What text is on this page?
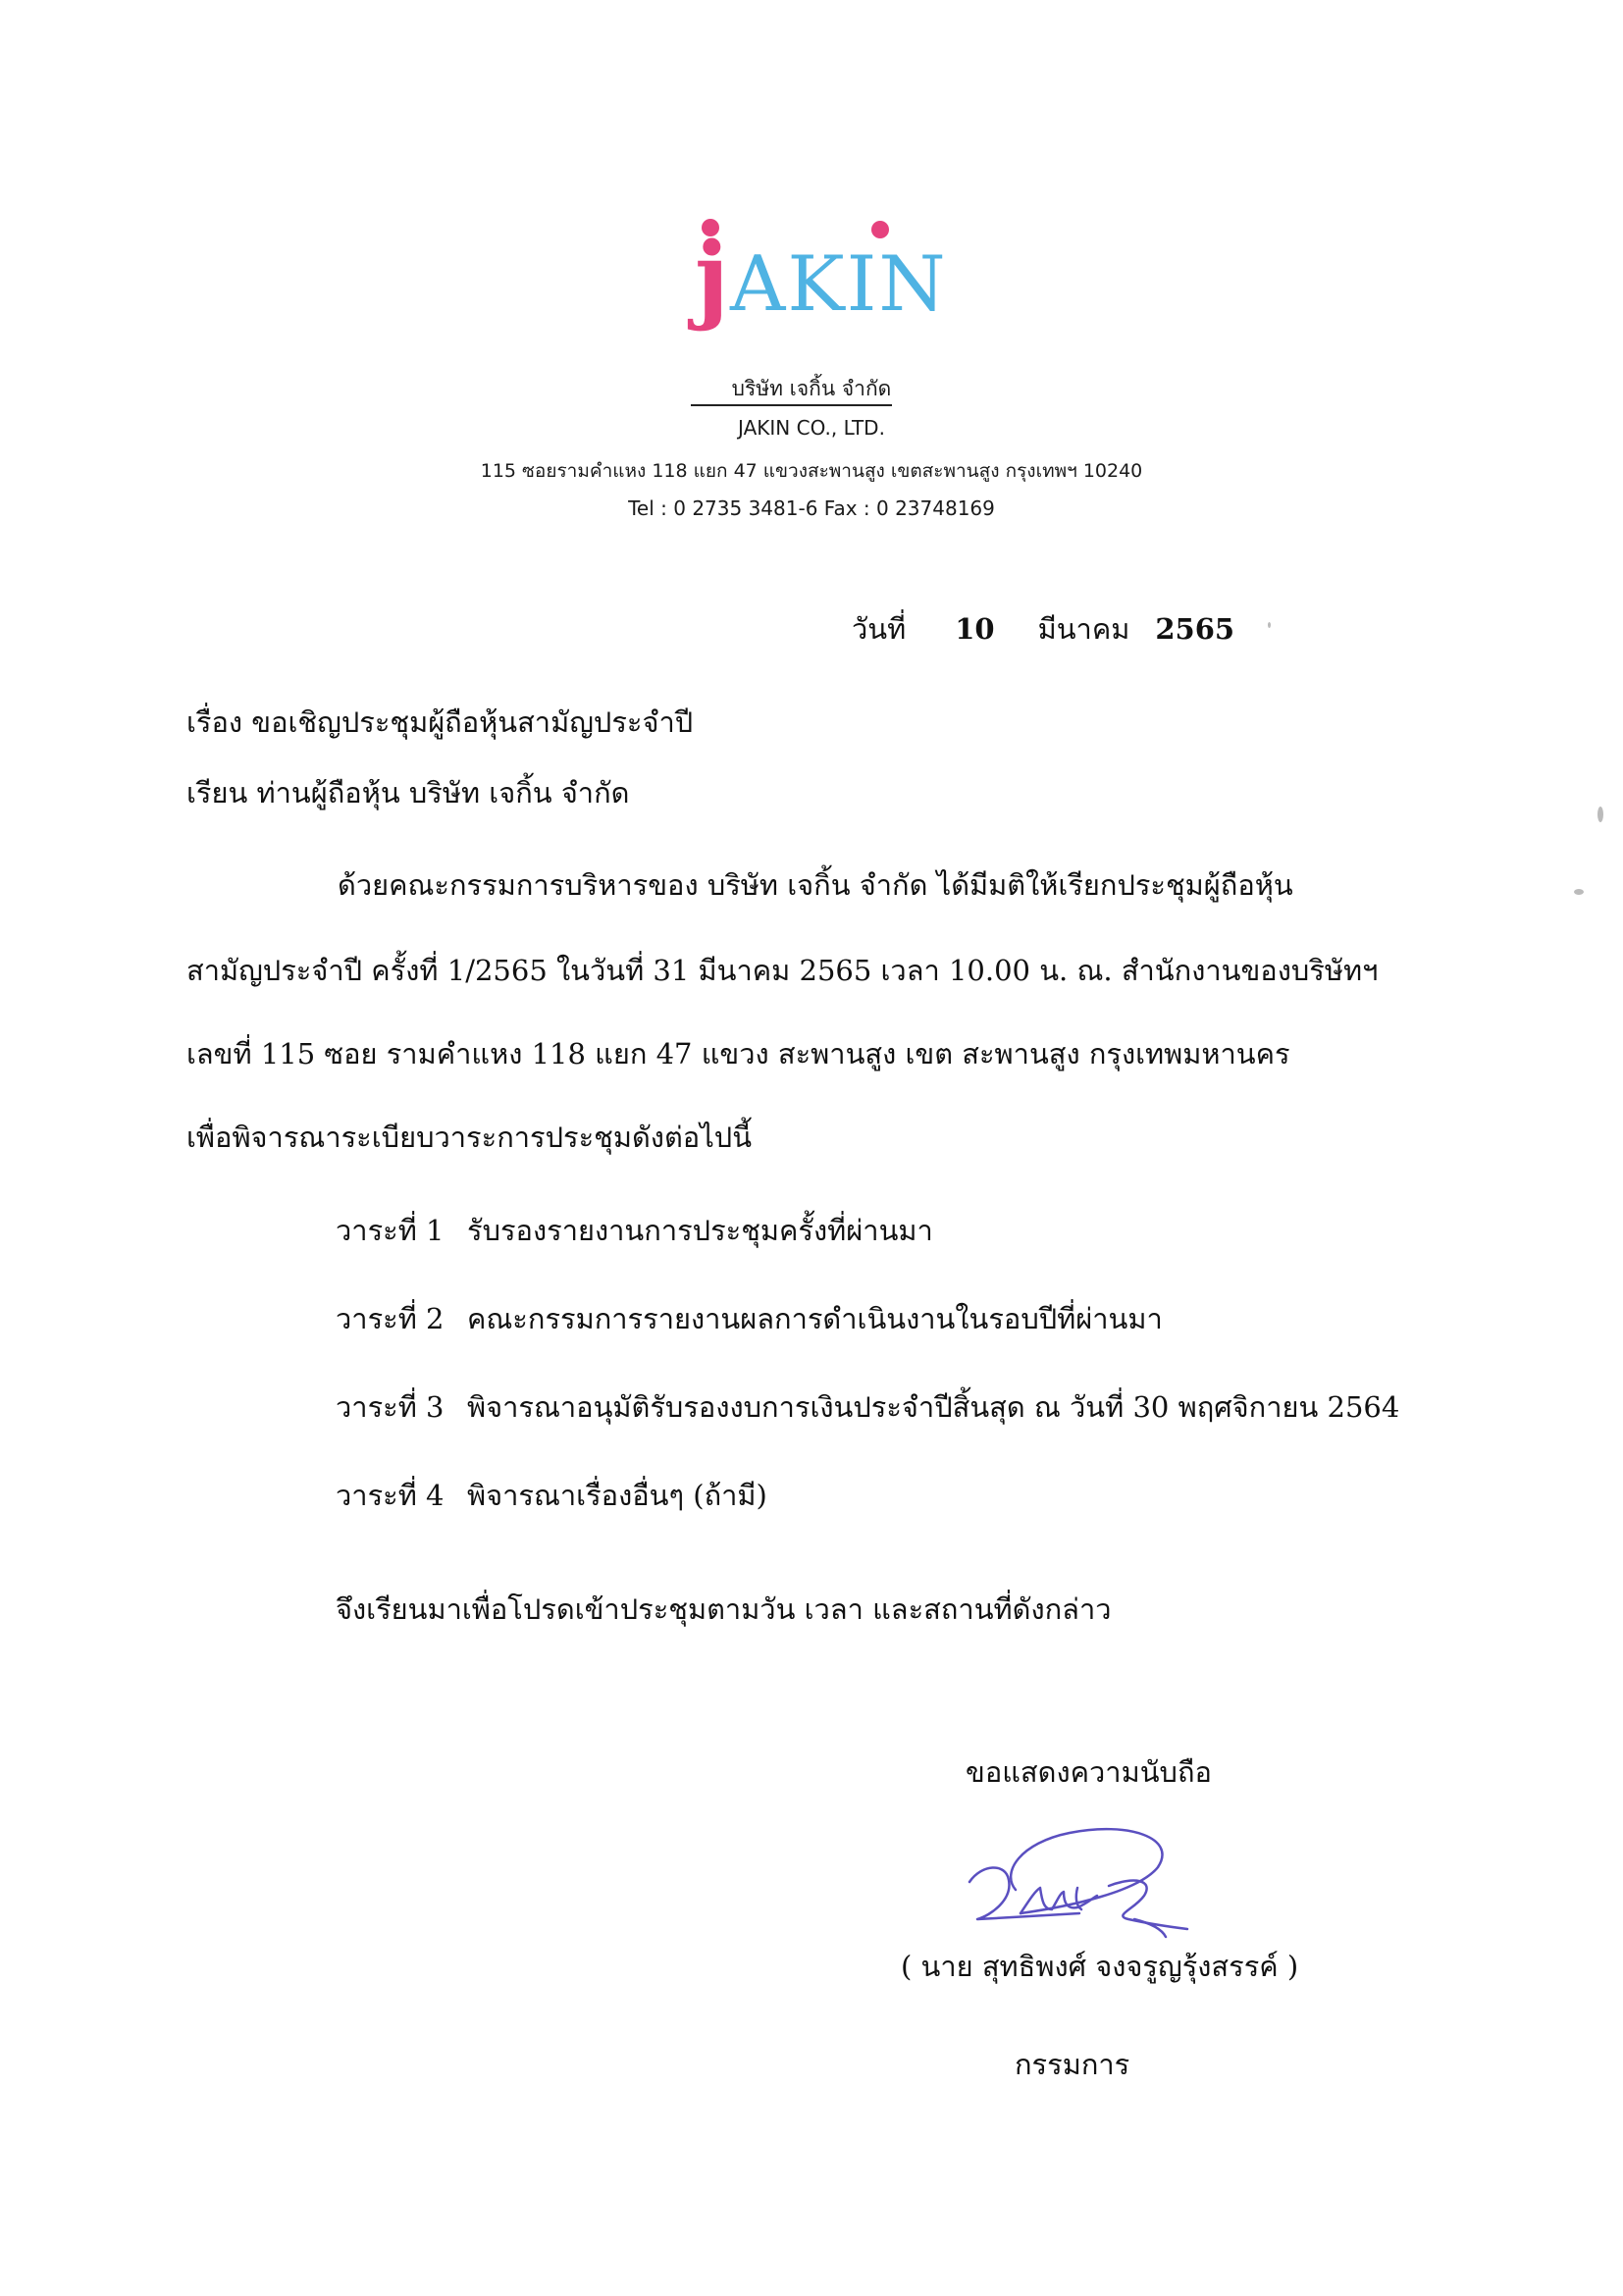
j AKIN
บริษัท เจกิ้น จำกัด
JAKIN CO., LTD.
115 ซอยรามคำแหง 118 แยก 47 แขวงสะพานสูง เขตสะพานสูง กรุงเทพฯ 10240
Tel : 0 2735 3481-6 Fax : 0 23748169
วันที่ 10 มีนาคม 2565
เรื่อง ขอเชิญประชุมผู้ถือหุ้นสามัญประจำปี
เรียน ท่านผู้ถือหุ้น บริษัท เจกิ้น จำกัด
ด้วยคณะกรรมการบริหารของ บริษัท เจกิ้น จำกัด ได้มีมติให้เรียกประชุมผู้ถือหุ้น
สามัญประจำปี ครั้งที่ 1/2565 ในวันที่ 31 มีนาคม 2565 เวลา 10.00 น. ณ. สำนักงานของบริษัทฯ
เลขที่ 115 ซอย รามคำแหง 118 แยก 47 แขวง สะพานสูง เขต สะพานสูง กรุงเทพมหานคร
เพื่อพิจารณาระเบียบวาระการประชุมดังต่อไปนี้
วาระที่ 1 รับรองรายงานการประชุมครั้งที่ผ่านมา
วาระที่ 2 คณะกรรมการรายงานผลการดำเนินงานในรอบปีที่ผ่านมา
วาระที่ 3 พิจารณาอนุมัติรับรองงบการเงินประจำปีสิ้นสุด ณ วันที่ 30 พฤศจิกายน 2564
วาระที่ 4 พิจารณาเรื่องอื่นๆ (ถ้ามี)
จึงเรียนมาเพื่อโปรดเข้าประชุมตามวัน เวลา และสถานที่ดังกล่าว
ขอแสดงความนับถือ
( นาย สุทธิพงศ์ จงจรูญรุ้งสรรค์ )
กรรมการ
